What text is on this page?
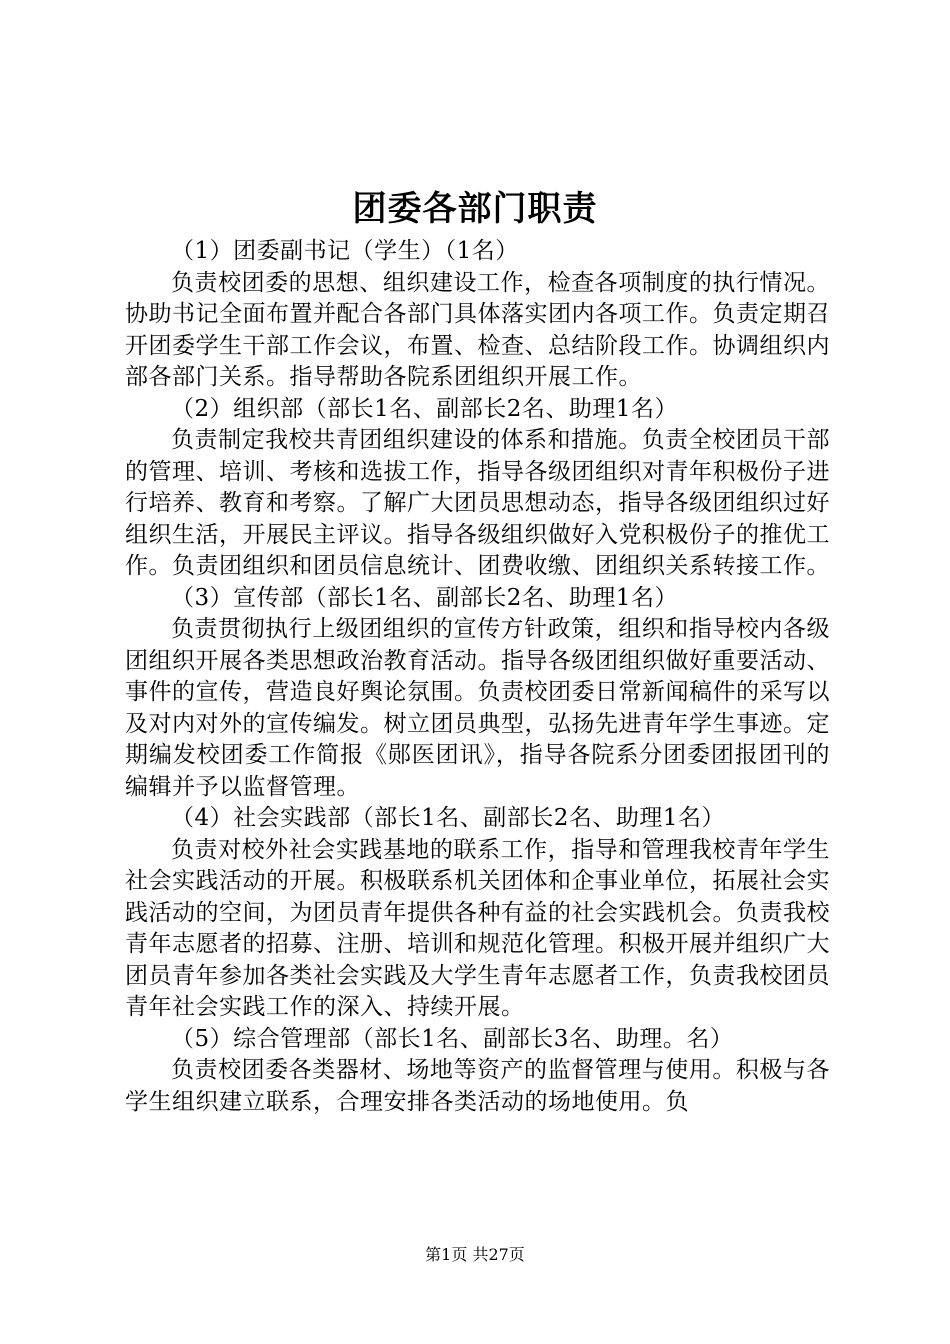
团委各部门职责

（1）团委副书记（学生）（1名）

负责校团委的思想、组织建设工作，检查各项制度的执行情况。协助书记全面布置并配合各部门具体落实团内各项工作。负责定期召开团委学生干部工作会议，布置、检查、总结阶段工作。协调组织内部各部门关系。指导帮助各院系团组织开展工作。

（2）组织部（部长1名、副部长2名、助理1名）

负责制定我校共青团组织建设的体系和措施。负责全校团员干部的管理、培训、考核和选拔工作，指导各级团组织对青年积极份子进行培养、教育和考察。了解广大团员思想动态，指导各级团组织过好组织生活，开展民主评议。指导各级组织做好入党积极份子的推优工作。负责团组织和团员信息统计、团费收缴、团组织关系转接工作。

（3）宣传部（部长1名、副部长2名、助理1名）

负责贯彻执行上级团组织的宣传方针政策，组织和指导校内各级团组织开展各类思想政治教育活动。指导各级团组织做好重要活动、事件的宣传，营造良好舆论氛围。负责校团委日常新闻稿件的采写以及对内对外的宣传编发。树立团员典型，弘扬先进青年学生事迹。定期编发校团委工作简报《郧医团讯》，指导各院系分团委团报团刊的编辑并予以监督管理。

（4）社会实践部（部长1名、副部长2名、助理1名）

负责对校外社会实践基地的联系工作，指导和管理我校青年学生社会实践活动的开展。积极联系机关团体和企事业单位，拓展社会实践活动的空间，为团员青年提供各种有益的社会实践机会。负责我校青年志愿者的招募、注册、培训和规范化管理。积极开展并组织广大团员青年参加各类社会实践及大学生青年志愿者工作，负责我校团员青年社会实践工作的深入、持续开展。

（5）综合管理部（部长1名、副部长3名、助理。名）

负责校团委各类器材、场地等资产的监督管理与使用。积极与各学生组织建立联系，合理安排各类活动的场地使用。负

第1页 共27页
